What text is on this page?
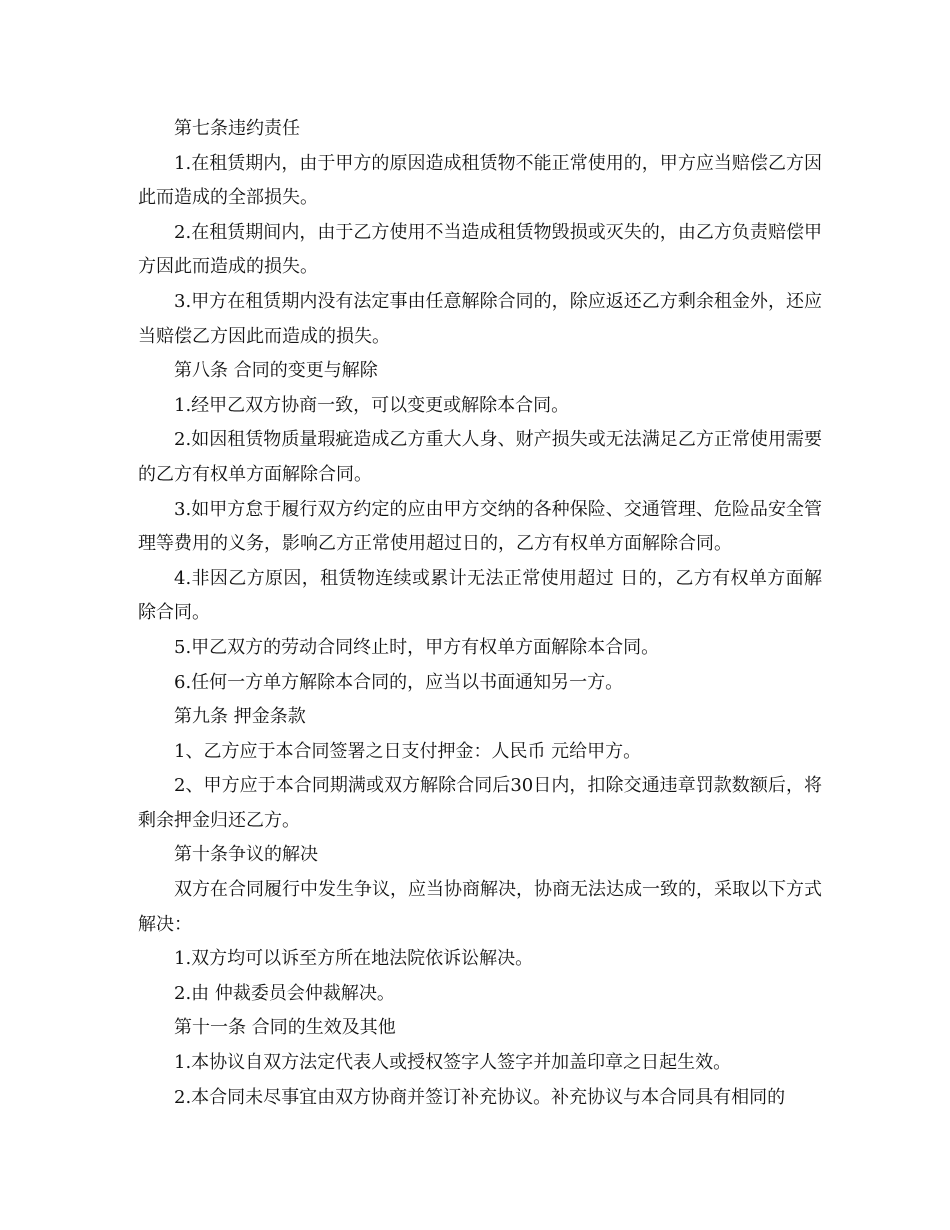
第七条违约责任

1.在租赁期内，由于甲方的原因造成租赁物不能正常使用的，甲方应当赔偿乙方因此而造成的全部损失。

2.在租赁期间内，由于乙方使用不当造成租赁物毁损或灭失的，由乙方负责赔偿甲方因此而造成的损失。

3.甲方在租赁期内没有法定事由任意解除合同的，除应返还乙方剩余租金外，还应当赔偿乙方因此而造成的损失。

第八条 合同的变更与解除

1.经甲乙双方协商一致，可以变更或解除本合同。

2.如因租赁物质量瑕疵造成乙方重大人身、财产损失或无法满足乙方正常使用需要的乙方有权单方面解除合同。

3.如甲方怠于履行双方约定的应由甲方交纳的各种保险、交通管理、危险品安全管理等费用的义务，影响乙方正常使用超过日的，乙方有权单方面解除合同。

4.非因乙方原因，租赁物连续或累计无法正常使用超过 日的，乙方有权单方面解除合同。

5.甲乙双方的劳动合同终止时，甲方有权单方面解除本合同。

6.任何一方单方解除本合同的，应当以书面通知另一方。

第九条 押金条款

1、乙方应于本合同签署之日支付押金：人民币 元给甲方。

2、甲方应于本合同期满或双方解除合同后30日内，扣除交通违章罚款数额后，将剩余押金归还乙方。

第十条争议的解决

双方在合同履行中发生争议，应当协商解决，协商无法达成一致的，采取以下方式解决：

1.双方均可以诉至方所在地法院依诉讼解决。

2.由 仲裁委员会仲裁解决。

第十一条 合同的生效及其他

1.本协议自双方法定代表人或授权签字人签字并加盖印章之日起生效。

2.本合同未尽事宜由双方协商并签订补充协议。补充协议与本合同具有相同的
